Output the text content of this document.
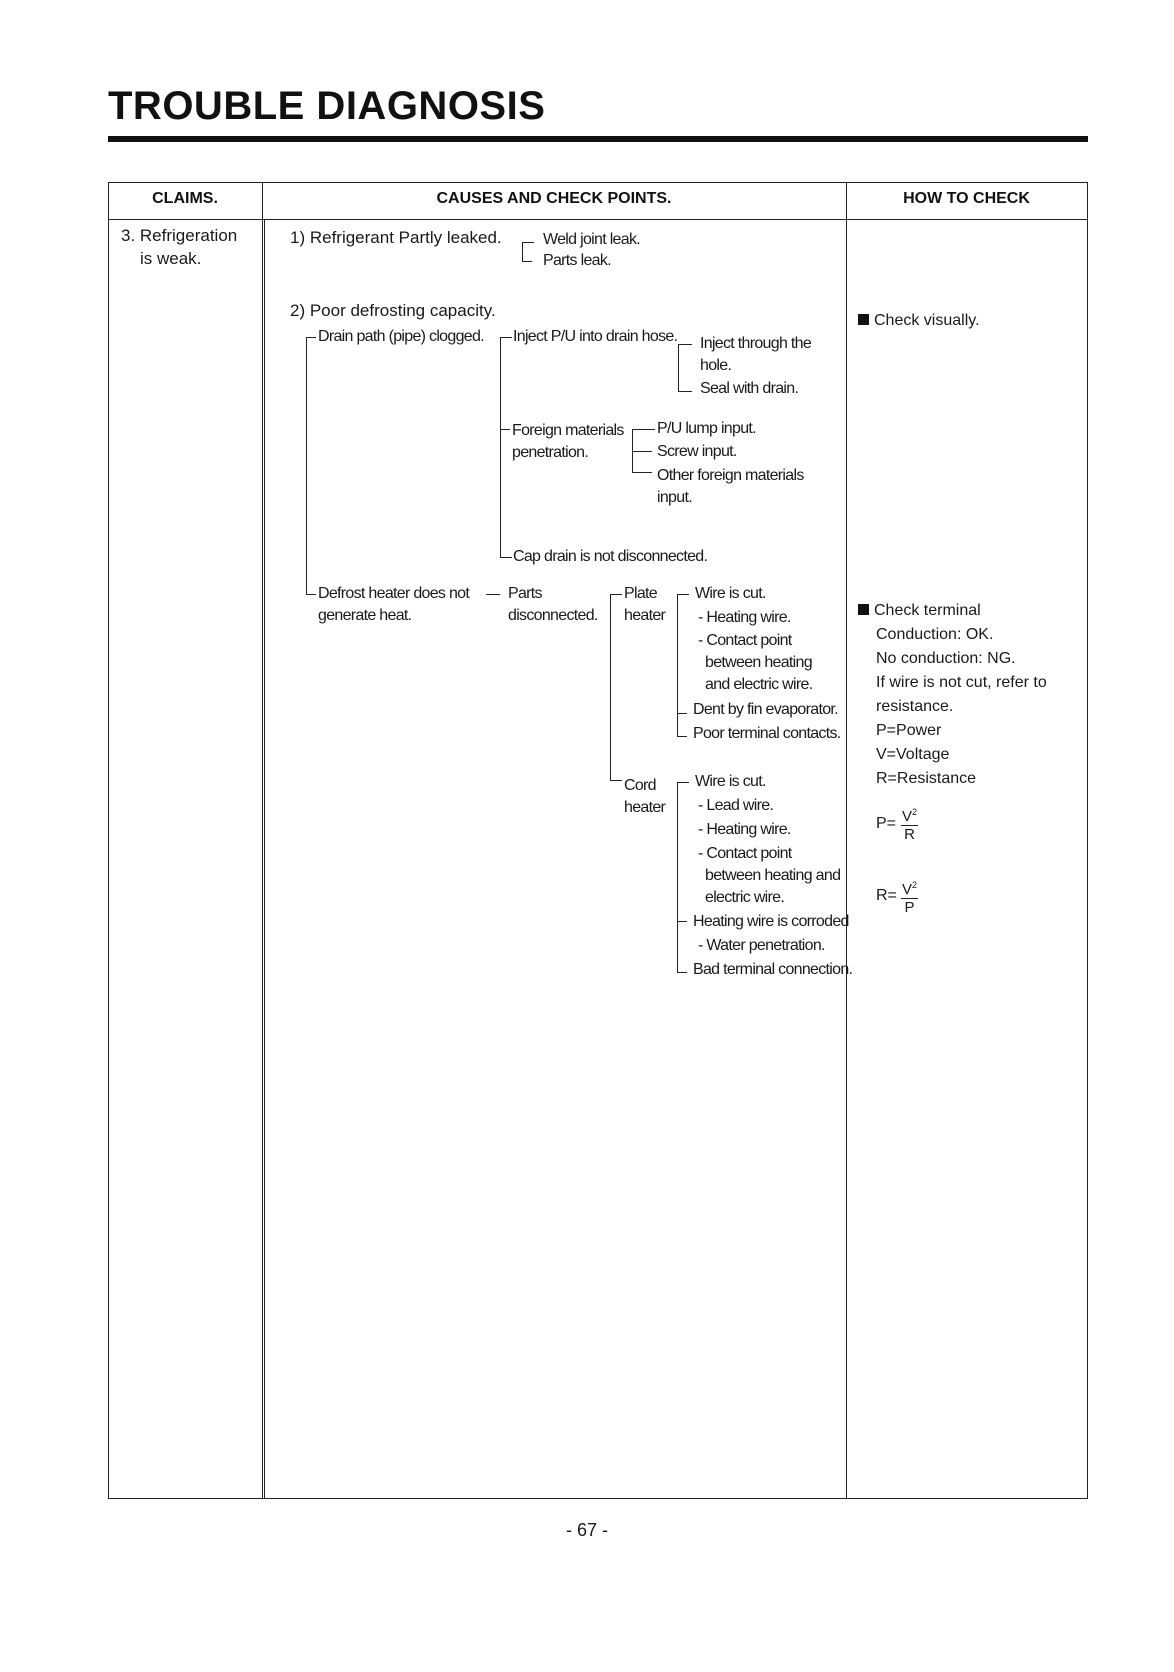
TROUBLE DIAGNOSIS
CLAIMS.	CAUSES AND CHECK POINTS.	HOW TO CHECK
3. Refrigeration
is weak.
1) Refrigerant Partly leaked.	Weld joint leak.
Parts leak.
2) Poor defrosting capacity.
Drain path (pipe) clogged. Inject P/U into drain hose. Inject through the
hole.
Seal with drain.
Foreign materials
penetration.
P/U lump input.
Screw input.
Other foreign materials
input.
Cap drain is not disconnected.
Defrost heater does not
generate heat.
Parts
disconnected.
Plate
heater
Wire is cut.
- Heating wire.
- Contact point
between heating
and electric wire.
Dent by fin evaporator.
Poor terminal contacts.
Cord
heater
Wire is cut.
- Lead wire.
- Heating wire.
- Contact point
between heating and
electric wire.
Heating wire is corroded
- Water penetration.
Bad terminal connection.
Check visually.
Check terminal
Conduction: OK.
No conduction: NG.
If wire is not cut, refer to
resistance.
P=Power
V=Voltage
R=Resistance
$P= \frac{V^2}{R}$
$R= \frac{V^2}{P}$
- 67 -
